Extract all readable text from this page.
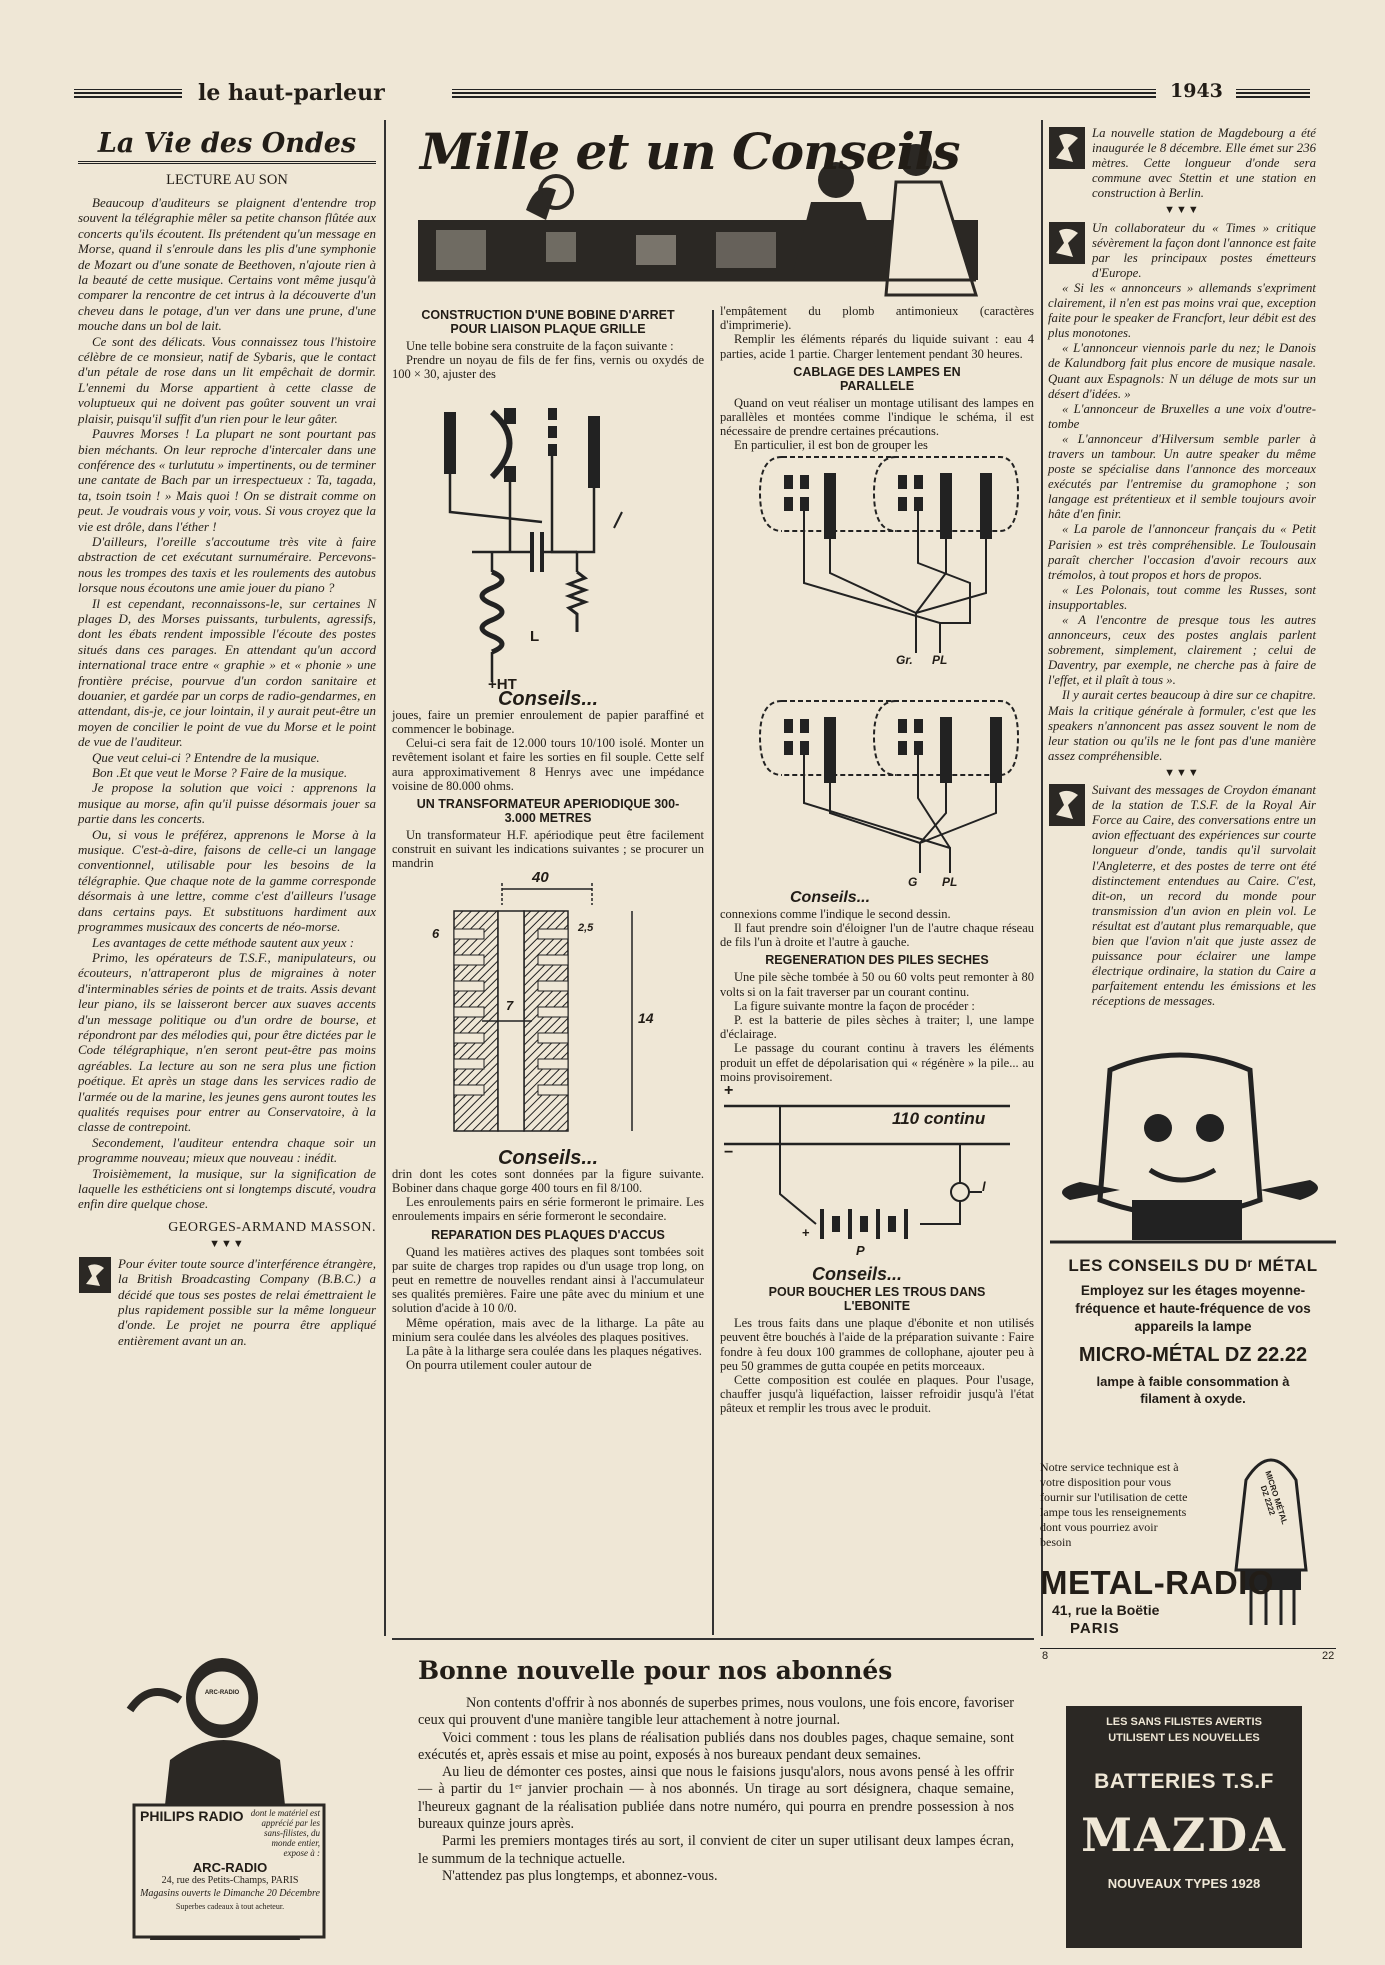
le haut-parleur	1943
La Vie des Ondes
LECTURE AU SON

Beaucoup d'auditeurs se plaignent d'entendre trop souvent la télégraphie mêler sa petite chanson flûtée aux concerts qu'ils écoutent. Ils prétendent qu'un message en Morse, quand il s'enroule dans les plis d'une symphonie de Mozart ou d'une sonate de Beethoven, n'ajoute rien à la beauté de cette musique. Certains vont même jusqu'à comparer la rencontre de cet intrus à la découverte d'un cheveu dans le potage, d'un ver dans une prune, d'une mouche dans un bol de lait.

Ce sont des délicats. Vous connaissez tous l'histoire célèbre de ce monsieur, natif de Sybaris, que le contact d'un pétale de rose dans un lit empêchait de dormir. L'ennemi du Morse appartient à cette classe de voluptueux qui ne doivent pas goûter souvent un vrai plaisir, puisqu'il suffit d'un rien pour le leur gâter.

Pauvres Morses ! La plupart ne sont pourtant pas bien méchants. On leur reproche d'intercaler dans une conférence des « turlututu » impertinents, ou de terminer une cantate de Bach par un irrespectueux : Ta, tagada, ta, tsoin tsoin ! » Mais quoi ! On se distrait comme on peut. Je voudrais vous y voir, vous. Si vous croyez que la vie est drôle, dans l'éther !

D'ailleurs, l'oreille s'accoutume très vite à faire abstraction de cet exécutant surnuméraire. Percevons-nous les trompes des taxis et les roulements des autobus lorsque nous écoutons une amie jouer du piano ?

Il est cependant, reconnaissons-le, sur certaines N plages D, des Morses puissants, turbulents, agressifs, dont les ébats rendent impossible l'écoute des postes situés dans ces parages. En attendant qu'un accord international trace entre « graphie » et « phonie » une frontière précise, pourvue d'un cordon sanitaire et douanier, et gardée par un corps de radio-gendarmes, en attendant, dis-je, ce jour lointain, il y aurait peut-être un moyen de concilier le point de vue du Morse et le point de vue de l'auditeur.

Que veut celui-ci ? Entendre de la musique.

Bon .Et que veut le Morse ? Faire de la musique.

Je propose la solution que voici : apprenons la musique au morse, afin qu'il puisse désormais jouer sa partie dans les concerts.

Ou, si vous le préférez, apprenons le Morse à la musique. C'est-à-dire, faisons de celle-ci un langage conventionnel, utilisable pour les besoins de la télégraphie. Que chaque note de la gamme corresponde désormais à une lettre, comme c'est d'ailleurs l'usage dans certains pays. Et substituons hardiment aux programmes musicaux des concerts de néo-morse.

Les avantages de cette méthode sautent aux yeux :

Primo, les opérateurs de T.S.F., manipulateurs, ou écouteurs, n'attraperont plus de migraines à noter d'interminables séries de points et de traits. Assis devant leur piano, ils se laisseront bercer aux suaves accents d'un message politique ou d'un ordre de bourse, et répondront par des mélodies qui, pour être dictées par le Code télégraphique, n'en seront peut-être pas moins agréables. La lecture au son ne sera plus une fiction poétique. Et après un stage dans les services radio de l'armée ou de la marine, les jeunes gens auront toutes les qualités requises pour entrer au Conservatoire, à la classe de contrepoint.

Secondement, l'auditeur entendra chaque soir un programme nouveau; mieux que nouveau : inédit.

Troisièmement, la musique, sur la signification de laquelle les esthéticiens ont si longtemps discuté, voudra enfin dire quelque chose.

GEORGES-ARMAND MASSON.
▼▼▼
Pour éviter toute source d'interférence étrangère, la British Broadcasting Company (B.B.C.) a décidé que tous ses postes de relai émettraient le plus rapidement possible sur la même longueur d'onde. Le projet ne pourra être appliqué entièrement avant un an.
ARC-RADIO
PHILIPS RADIO dont le matériel est apprécié par les sans-filistes, du monde entier, expose à :
ARC-RADIO
24, rue des Petits-Champs, PARIS
Magasins ouverts le Dimanche 20 Décembre
Superbes cadeaux à tout acheteur.
Mille et un Conseils
CONSTRUCTION D'UNE BOBINE D'ARRET POUR LIAISON PLAQUE GRILLE

Une telle bobine sera construite de la façon suivante :

Prendre un noyau de fils de fer fins, vernis ou oxydés de 100 × 30, ajuster des

L
+HT
Conseils...

joues, faire un premier enroulement de papier paraffiné et commencer le bobinage.

Celui-ci sera fait de 12.000 tours 10/100 isolé. Monter un revêtement isolant et faire les sorties en fil souple. Cette self aura approximativement 8 Henrys avec une impédance voisine de 80.000 ohms.

UN TRANSFORMATEUR APERIODIQUE 300-3.000 METRES

Un transformateur H.F. apériodique peut être facilement construit en suivant les indications suivantes ; se procurer un mandrin

40
6	2,5
7
14
Conseils...

drin dont les cotes sont données par la figure suivante. Bobiner dans chaque gorge 400 tours en fil 8/100.

Les enroulements pairs en série formeront le primaire. Les enroulements impairs en série formeront le secondaire.

REPARATION DES PLAQUES D'ACCUS

Quand les matières actives des plaques sont tombées soit par suite de charges trop rapides ou d'un usage trop long, on peut en remettre de nouvelles rendant ainsi à l'accumulateur ses qualités premières. Faire une pâte avec du minium et une solution d'acide à 10 0/0.

Même opération, mais avec de la litharge. La pâte au minium sera coulée dans les alvéoles des plaques positives.

La pâte à la litharge sera coulée dans les plaques négatives.

On pourra utilement couler autour de

l'empâtement du plomb antimonieux (caractères d'imprimerie).

Remplir les éléments réparés du liquide suivant : eau 4 parties, acide 1 partie. Charger lentement pendant 30 heures.

CABLAGE DES LAMPES EN PARALLELE

Quand on veut réaliser un montage utilisant des lampes en parallèles et montées comme l'indique le schéma, il est nécessaire de prendre certaines précautions.

En particulier, il est bon de grouper les

Gr. PL
G PL
Conseils...

connexions comme l'indique le second dessin.

Il faut prendre soin d'éloigner l'un de l'autre chaque réseau de fils l'un à droite et l'autre à gauche.

REGENERATION DES PILES SECHES

Une pile sèche tombée à 50 ou 60 volts peut remonter à 80 volts si on la fait traverser par un courant continu.

La figure suivante montre la façon de procéder :

P. est la batterie de piles sèches à traiter; l, une lampe d'éclairage.

Le passage du courant continu à travers les éléments produit un effet de dépolarisation qui « régénère » la pile... au moins provisoirement.

+
110 continu
−
+
P
l
Conseils...
POUR BOUCHER LES TROUS DANS L'EBONITE

Les trous faits dans une plaque d'ébonite et non utilisés peuvent être bouchés à l'aide de la préparation suivante : Faire fondre à feu doux 100 grammes de collophane, ajouter peu à peu 50 grammes de gutta coupée en petits morceaux.

Cette composition est coulée en plaques. Pour l'usage, chauffer jusqu'à liquéfaction, laisser refroidir jusqu'à l'état pâteux et remplir les trous avec le produit.

Bonne nouvelle pour nos abonnés

Non contents d'offrir à nos abonnés de superbes primes, nous voulons, une fois encore, favoriser ceux qui prouvent d'une manière tangible leur attachement à notre journal.

Voici comment : tous les plans de réalisation publiés dans nos doubles pages, chaque semaine, sont exécutés et, après essais et mise au point, exposés à nos bureaux pendant deux semaines.

Au lieu de démonter ces postes, ainsi que nous le faisions jusqu'alors, nous avons pensé à les offrir — à partir du 1ᵉʳ janvier prochain — à nos abonnés. Un tirage au sort désignera, chaque semaine, l'heureux gagnant de la réalisation publiée dans notre numéro, qui pourra en prendre possession à nos bureaux quinze jours après.

Parmi les premiers montages tirés au sort, il convient de citer un super utilisant deux lampes écran, le summum de la technique actuelle.

N'attendez pas plus longtemps, et abonnez-vous.

La nouvelle station de Magdebourg a été inaugurée le 8 décembre. Elle émet sur 236 mètres. Cette longueur d'onde sera commune avec Stettin et une station en construction à Berlin.
▼▼▼
Un collaborateur du « Times » critique sévèrement la façon dont l'annonce est faite par les principaux postes émetteurs d'Europe.

« Si les « annonceurs » allemands s'expriment clairement, il n'en est pas moins vrai que, exception faite pour le speaker de Francfort, leur débit est des plus monotones.

« L'annonceur viennois parle du nez; le Danois de Kalundborg fait plus encore de musique nasale. Quant aux Espagnols: N un déluge de mots sur un désert d'idées. »

« L'annonceur de Bruxelles a une voix d'outre-tombe

« L'annonceur d'Hilversum semble parler à travers un tambour. Un autre speaker du même poste se spécialise dans l'annonce des morceaux exécutés par l'entremise du gramophone ; son langage est prétentieux et il semble toujours avoir hâte d'en finir.

« La parole de l'annonceur français du « Petit Parisien » est très compréhensible. Le Toulousain paraît chercher l'occasion d'avoir recours aux trémolos, à tout propos et hors de propos.

« Les Polonais, tout comme les Russes, sont insupportables.

« A l'encontre de presque tous les autres annonceurs, ceux des postes anglais parlent sobrement, simplement, clairement ; celui de Daventry, par exemple, ne cherche pas à faire de l'effet, et il plaît à tous ».

Il y aurait certes beaucoup à dire sur ce chapitre. Mais la critique générale à formuler, c'est que les speakers n'annoncent pas assez souvent le nom de leur station ou qu'ils ne le font pas d'une manière assez compréhensible.

▼▼▼
Suivant des messages de Croydon émanant de la station de T.S.F. de la Royal Air Force au Caire, des conversations entre un avion effectuant des expériences sur courte longueur d'onde, tandis qu'il survolait l'Angleterre, et des postes de terre ont été distinctement entendues au Caire. C'est, dit-on, un record du monde pour transmission d'un avion en plein vol. Le résultat est d'autant plus remarquable, que bien que l'avion n'ait que juste assez de puissance pour éclairer une lampe électrique ordinaire, la station du Caire a parfaitement entendu les émissions et les réceptions de messages.
LES CONSEILS DU Dʳ MÉTAL
Employez sur les étages moyenne-fréquence et haute-fréquence de vos appareils la lampe
MICRO-MÉTAL DZ 22.22
lampe à faible consommation à filament à oxyde.
Notre service technique est à votre disposition pour vous fournir sur l'utilisation de cette lampe tous les renseignements dont vous pourriez avoir besoin
MICRO MÉTAL DZ 2222
METAL-RADIO
41, rue la Boëtie
PARIS
8	22
LES SANS FILISTES AVERTIS
UTILISENT LES NOUVELLES
BATTERIES T.S.F
MAZDA
NOUVEAUX TYPES 1928
